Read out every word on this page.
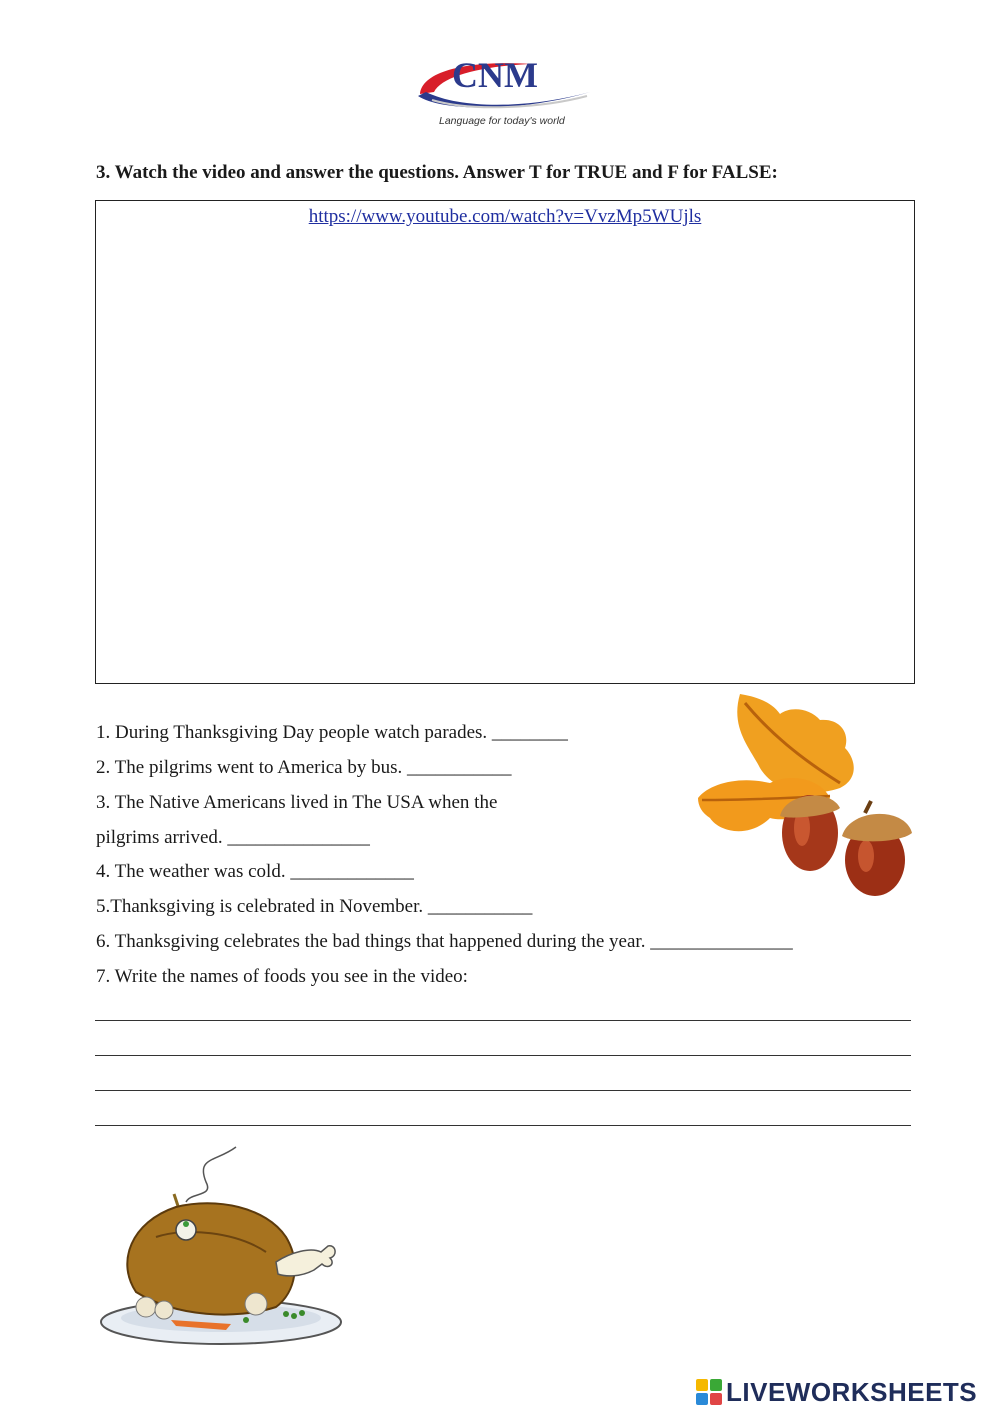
CNM
Language for today's world
3. Watch the video and answer the questions. Answer T for TRUE and F for FALSE:
https://www.youtube.com/watch?v=VvzMp5WUjls
1. During Thanksgiving Day people watch parades. ________
2. The pilgrims went to America by bus. ___________
3. The Native Americans lived in The USA when the
pilgrims arrived. _______________
4. The weather was cold. _____________
5.Thanksgiving is celebrated in November. ___________
6. Thanksgiving celebrates the bad things that happened during the year. _______________
7. Write the names of foods you see in the video:
LIVEWORKSHEETS
